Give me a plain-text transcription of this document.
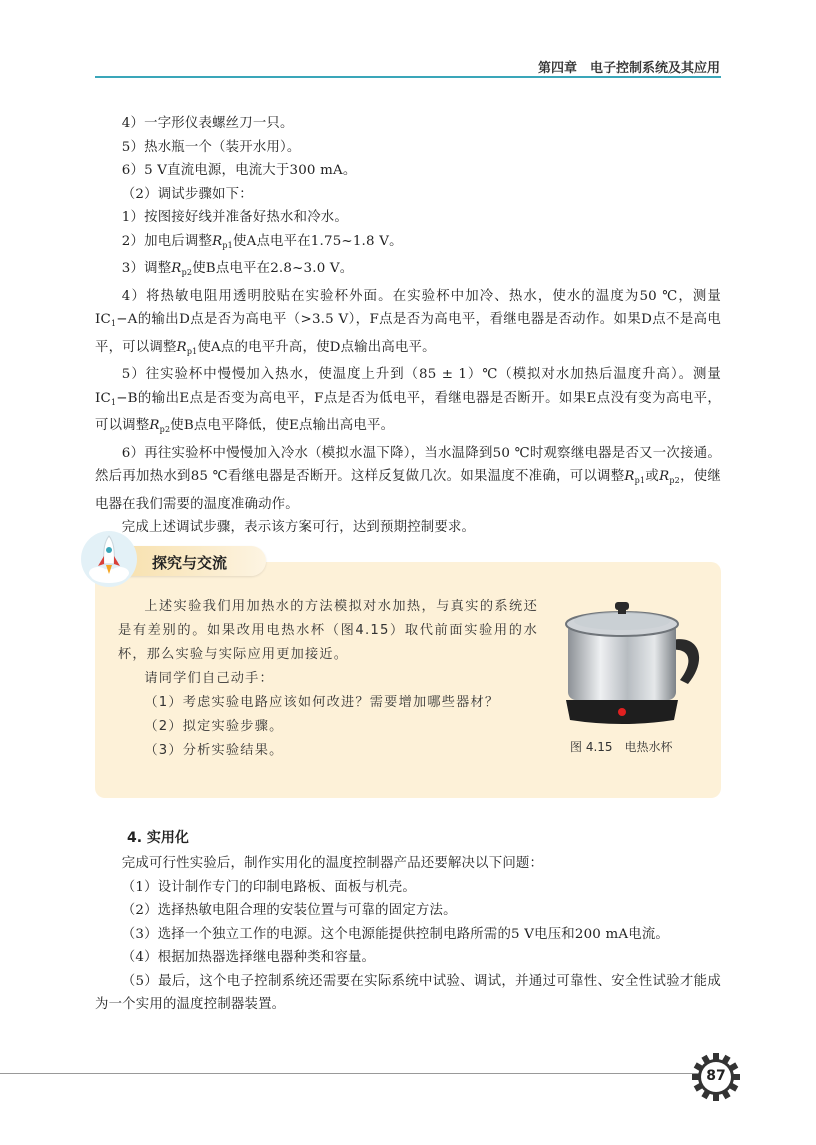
第四章　电子控制系统及其应用

4）一字形仪表螺丝刀一只。

5）热水瓶一个（装开水用）。

6）5 V直流电源，电流大于300 mA。

（2）调试步骤如下：

1）按图接好线并准备好热水和冷水。

2）加电后调整$R_{p1}$使A点电平在1.75~1.8 V。

3）调整$R_{p2}$使B点电平在2.8~3.0 V。

4）将热敏电阻用透明胶贴在实验杯外面。在实验杯中加冷、热水，使水的温度为50 ℃，测量$IC_1-A$的输出D点是否为高电平（>3.5 V），F点是否为高电平，看继电器是否动作。如果D点不是高电平，可以调整$R_{p1}$使A点的电平升高，使D点输出高电平。

5）往实验杯中慢慢加入热水，使温度上升到（85 ± 1）℃（模拟对水加热后温度升高）。测量$IC_1-B$的输出E点是否变为高电平，F点是否为低电平，看继电器是否断开。如果E点没有变为高电平，可以调整$R_{p2}$使B点电平降低，使E点输出高电平。

6）再往实验杯中慢慢加入冷水（模拟水温下降），当水温降到50 ℃时观察继电器是否又一次接通。然后再加热水到85 ℃看继电器是否断开。这样反复做几次。如果温度不准确，可以调整$R_{p1}$或$R_{p2}$，使继电器在我们需要的温度准确动作。

完成上述调试步骤，表示该方案可行，达到预期控制要求。

探究与交流

上述实验我们用加热水的方法模拟对水加热，与真实的系统还是有差别的。如果改用电热水杯（图4.15）取代前面实验用的水杯，那么实验与实际应用更加接近。

请同学们自己动手：

（1）考虑实验电路应该如何改进？需要增加哪些器材？

（2）拟定实验步骤。

（3）分析实验结果。	图 4.15　电热水杯
4. 实用化

完成可行性实验后，制作实用化的温度控制器产品还要解决以下问题：

（1）设计制作专门的印制电路板、面板与机壳。

（2）选择热敏电阻合理的安装位置与可靠的固定方法。

（3）选择一个独立工作的电源。这个电源能提供控制电路所需的5 V电压和200 mA电流。

（4）根据加热器选择继电器种类和容量。

（5）最后，这个电子控制系统还需要在实际系统中试验、调试，并通过可靠性、安全性试验才能成为一个实用的温度控制器装置。

87
